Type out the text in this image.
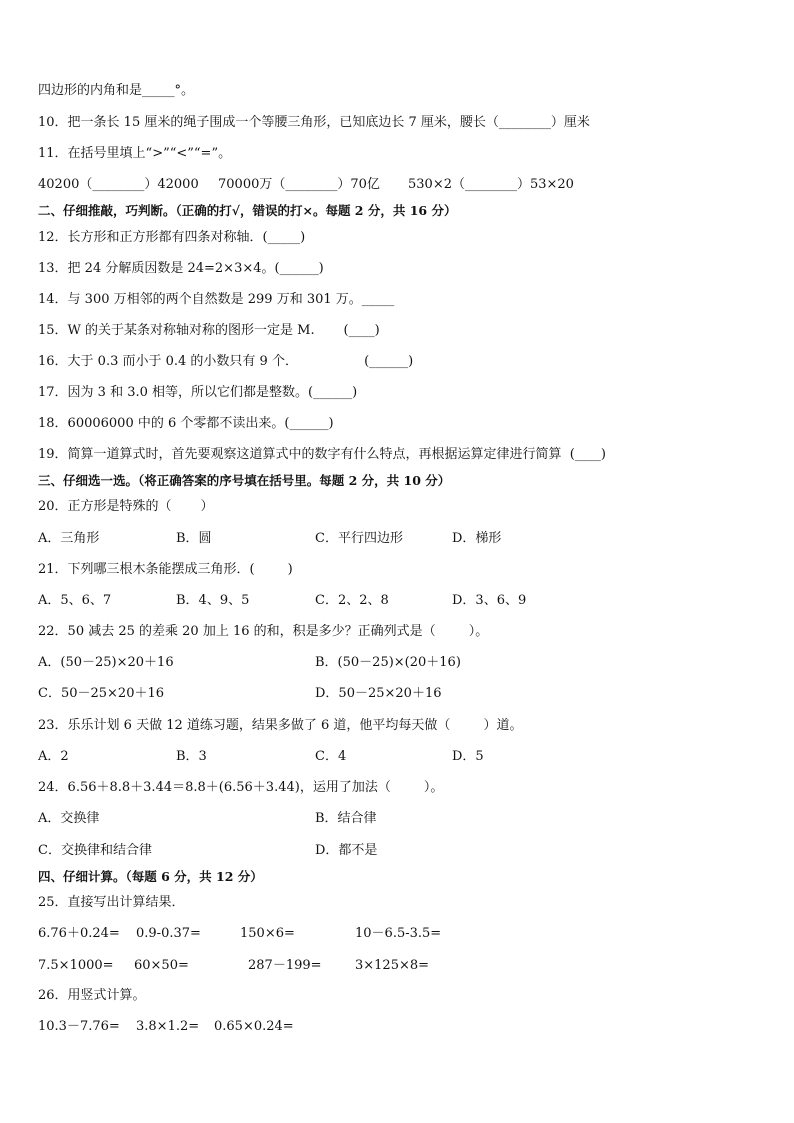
四边形的内角和是_____°。
10．把一条长 15 厘米的绳子围成一个等腰三角形，已知底边长 7 厘米，腰长（________）厘米
11．在括号里填上“>”“<”“=”。
40200（________）42000 70000万（________）70亿 530×2（________）53×20
二、仔细推敲，巧判断。（正确的打√，错误的打×。每题 2 分，共 16 分）
12．长方形和正方形都有四条对称轴．(_____)
13．把 24 分解质因数是 24=2×3×4。(______)
14．与 300 万相邻的两个自然数是 299 万和 301 万。_____
15．W 的关于某条对称轴对称的图形一定是 M.       (____)
16．大于 0.3 而小于 0.4 的小数只有 9 个．                (______)
17．因为 3 和 3.0 相等，所以它们都是整数。(______)
18．60006000 中的 6 个零都不读出来。(______)
19．简算一道算式时，首先要观察这道算式中的数字有什么特点，再根据运算定律进行简算  (____)
三、仔细选一选。（将正确答案的序号填在括号里。每题 2 分，共 10 分）
20．正方形是特殊的（       ）
A．三角形	B．圆	C．平行四边形	D．梯形
21．下列哪三根木条能摆成三角形．(        )
A．5、6、7	B．4、9、5	C．2、2、8	D．3、6、9
22．50 减去 25 的差乘 20 加上 16 的和，积是多少？正确列式是（        ）。
A．(50－25)×20＋16	B．(50－25)×(20＋16)
C．50－25×20＋16	D．50－25×20＋16
23．乐乐计划 6 天做 12 道练习题，结果多做了 6 道，他平均每天做（        ）道。
A．2	B．3	C．4	D．5
24．6.56＋8.8＋3.44＝8.8＋(6.56＋3.44)，运用了加法（        ）。
A．交换律	B．结合律
C．交换律和结合律	D．都不是
四、仔细计算。（每题 6 分，共 12 分）
25．直接写出计算结果．
6.76＋0.24= 0.9-0.37=	150×6=	10－6.5-3.5=
7.5×1000= 60×50=	287－199=	3×125×8=
26．用竖式计算。
10.3－7.76= 3.8×1.2= 0.65×0.24=
